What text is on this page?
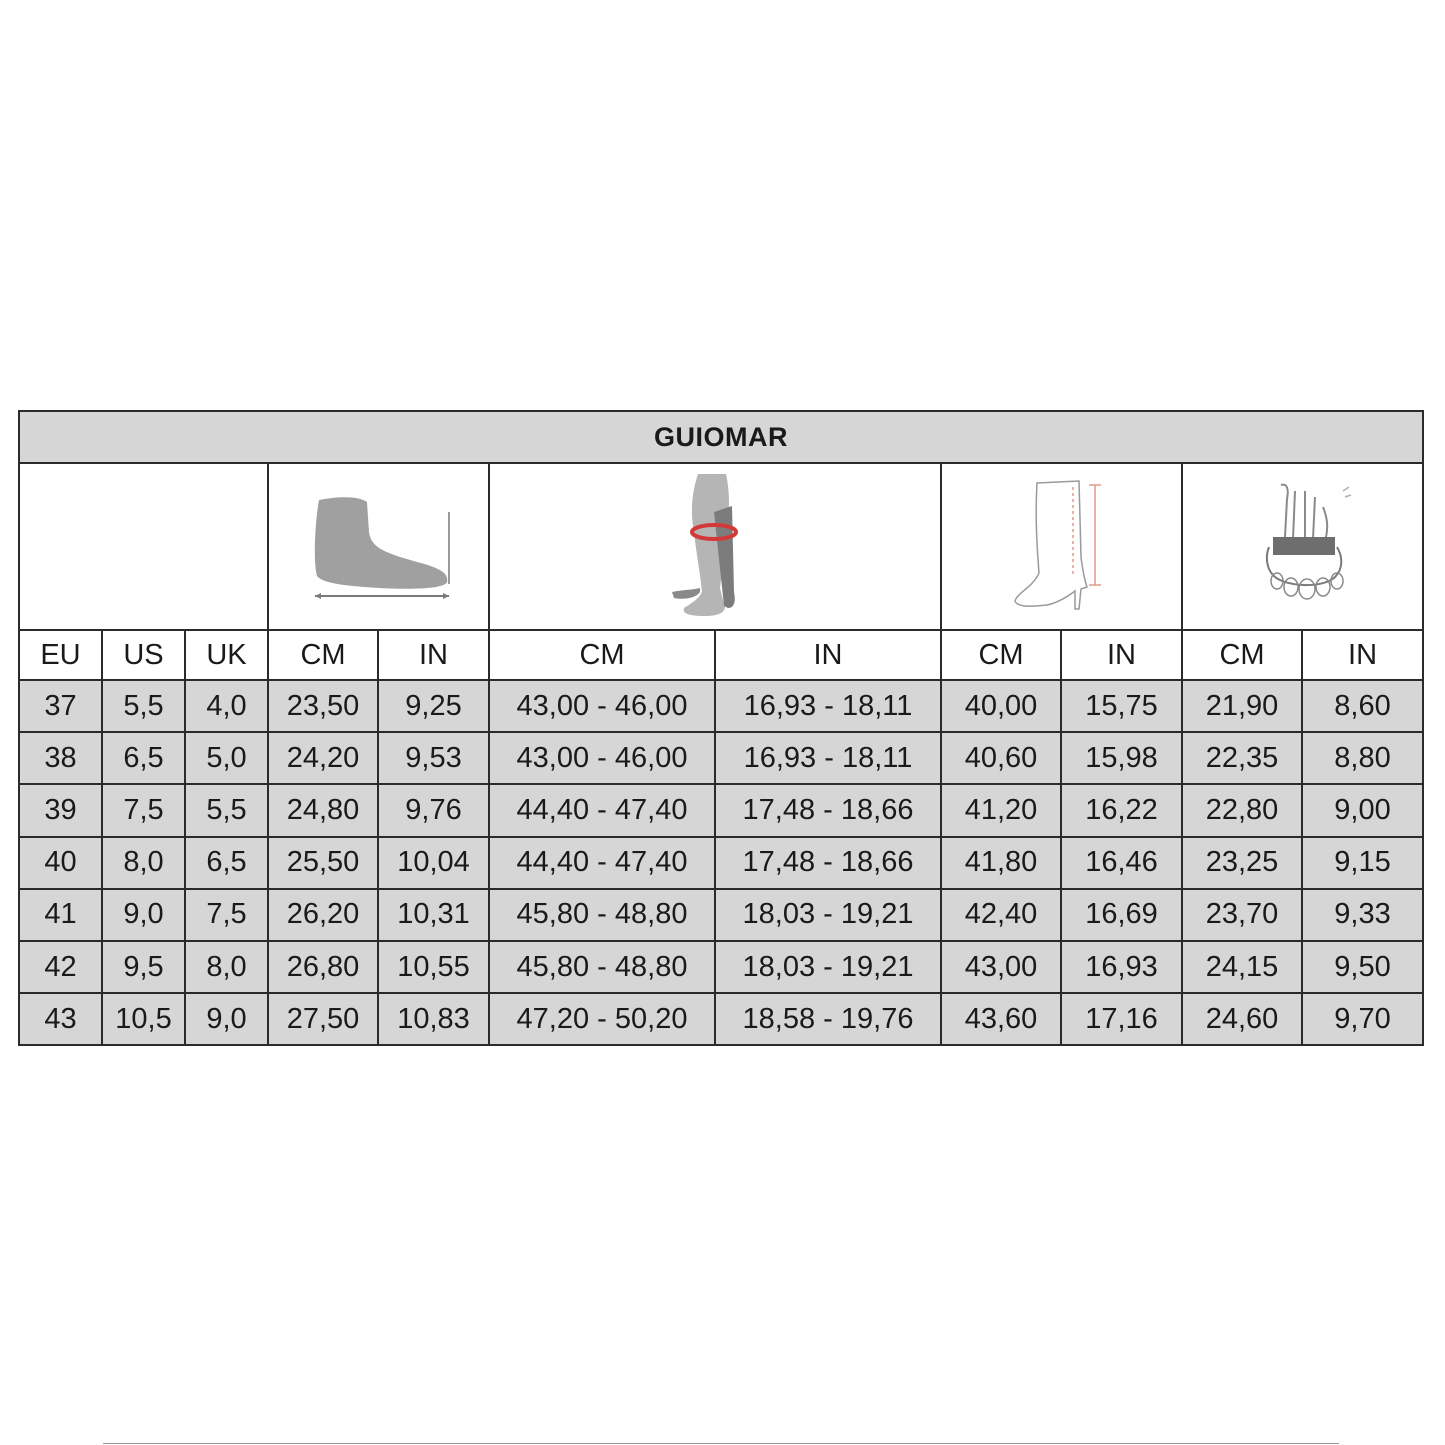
GUIOMAR										

EU	US	UK	CM	IN	CM	IN	CM	IN	CM	IN
37	5,5	4,0	23,50	9,25	43,00 - 46,00	16,93 - 18,11	40,00	15,75	21,90	8,60
38	6,5	5,0	24,20	9,53	43,00 - 46,00	16,93 - 18,11	40,60	15,98	22,35	8,80
39	7,5	5,5	24,80	9,76	44,40 - 47,40	17,48 - 18,66	41,20	16,22	22,80	9,00
40	8,0	6,5	25,50	10,04	44,40 - 47,40	17,48 - 18,66	41,80	16,46	23,25	9,15
41	9,0	7,5	26,20	10,31	45,80 - 48,80	18,03 - 19,21	42,40	16,69	23,70	9,33
42	9,5	8,0	26,80	10,55	45,80 - 48,80	18,03 - 19,21	43,00	16,93	24,15	9,50
43	10,5	9,0	27,50	10,83	47,20 - 50,20	18,58 - 19,76	43,60	17,16	24,60	9,70
